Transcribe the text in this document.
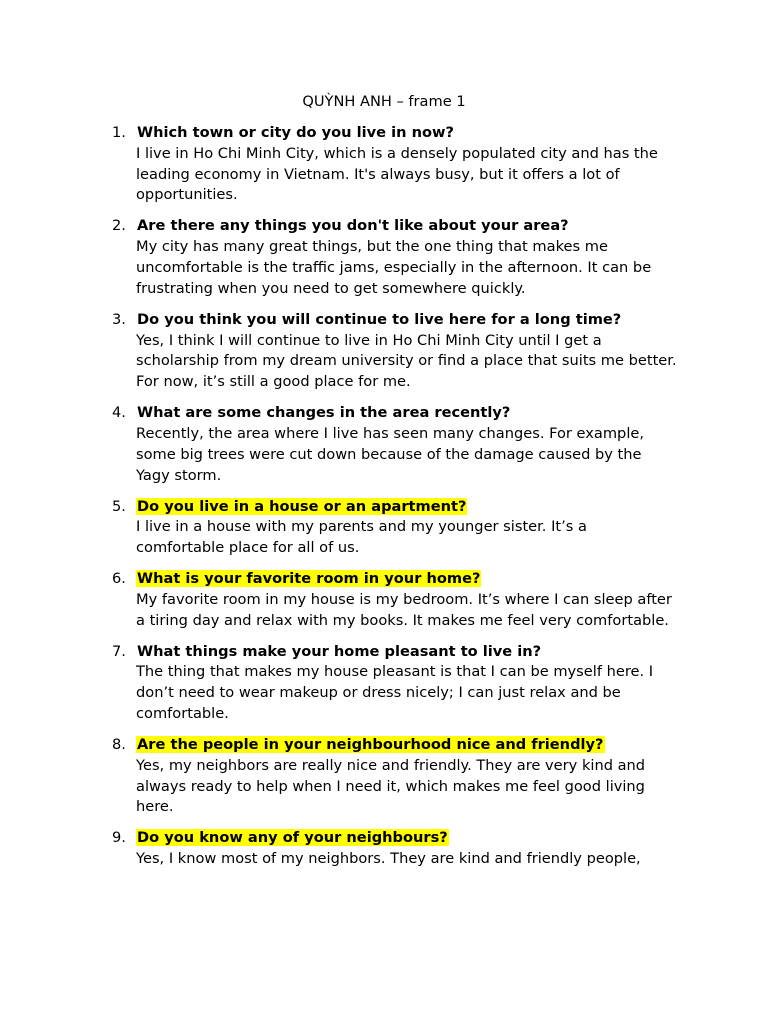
QUỲNH ANH – frame 1
1. Which town or city do you live in now?
I live in Ho Chi Minh City, which is a densely populated city and has the leading economy in Vietnam. It's always busy, but it offers a lot of opportunities.
2. Are there any things you don't like about your area?
My city has many great things, but the one thing that makes me uncomfortable is the traffic jams, especially in the afternoon. It can be frustrating when you need to get somewhere quickly.
3. Do you think you will continue to live here for a long time?
Yes, I think I will continue to live in Ho Chi Minh City until I get a scholarship from my dream university or find a place that suits me better. For now, it’s still a good place for me.
4. What are some changes in the area recently?
Recently, the area where I live has seen many changes. For example, some big trees were cut down because of the damage caused by the Yagy storm.
5. Do you live in a house or an apartment?
I live in a house with my parents and my younger sister. It’s a comfortable place for all of us.
6. What is your favorite room in your home?
My favorite room in my house is my bedroom. It’s where I can sleep after a tiring day and relax with my books. It makes me feel very comfortable.
7. What things make your home pleasant to live in?
The thing that makes my house pleasant is that I can be myself here. I don’t need to wear makeup or dress nicely; I can just relax and be comfortable.
8. Are the people in your neighbourhood nice and friendly?
Yes, my neighbors are really nice and friendly. They are very kind and always ready to help when I need it, which makes me feel good living here.
9. Do you know any of your neighbours?
Yes, I know most of my neighbors. They are kind and friendly people,
